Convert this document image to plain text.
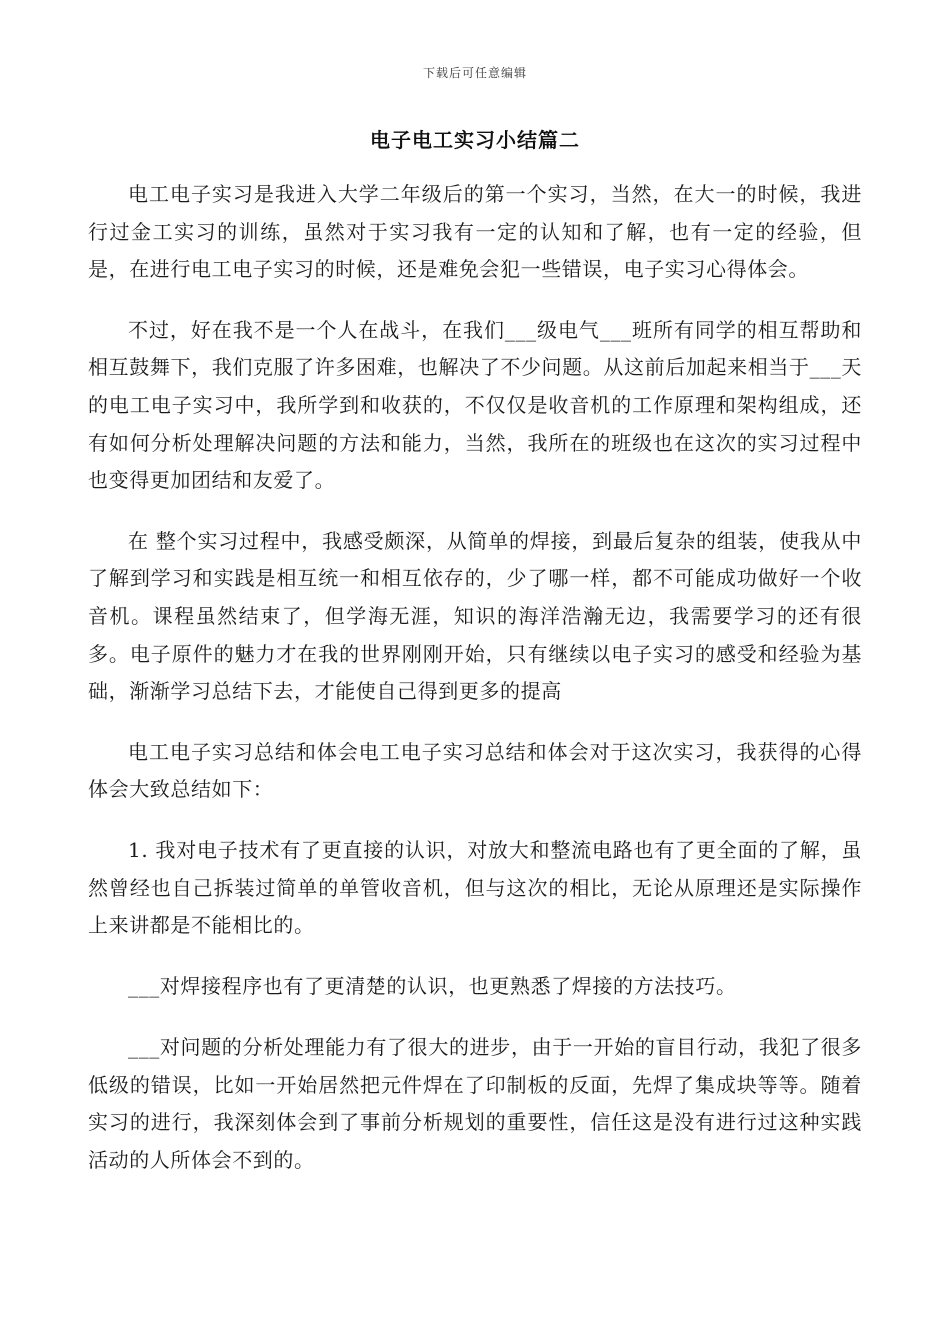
下载后可任意编辑
电子电工实习小结篇二

电工电子实习是我进入大学二年级后的第一个实习，当然，在大一的时候，我进行过金工实习的训练，虽然对于实习我有一定的认知和了解，也有一定的经验，但是，在进行电工电子实习的时候，还是难免会犯一些错误，电子实习心得体会。

不过，好在我不是一个人在战斗，在我们___级电气___班所有同学的相互帮助和相互鼓舞下，我们克服了许多困难，也解决了不少问题。从这前后加起来相当于___天的电工电子实习中，我所学到和收获的，不仅仅是收音机的工作原理和架构组成，还有如何分析处理解决问题的方法和能力，当然，我所在的班级也在这次的实习过程中也变得更加团结和友爱了。

在 整个实习过程中，我感受颇深，从简单的焊接，到最后复杂的组装，使我从中了解到学习和实践是相互统一和相互依存的，少了哪一样，都不可能成功做好一个收音机。课程虽然结束了，但学海无涯，知识的海洋浩瀚无边，我需要学习的还有很多。电子原件的魅力才在我的世界刚刚开始，只有继续以电子实习的感受和经验为基础，渐渐学习总结下去，才能使自己得到更多的提高

电工电子实习总结和体会电工电子实习总结和体会对于这次实习，我获得的心得体会大致总结如下：

1. 我对电子技术有了更直接的认识，对放大和整流电路也有了更全面的了解，虽然曾经也自己拆装过简单的单管收音机，但与这次的相比，无论从原理还是实际操作上来讲都是不能相比的。

___对焊接程序也有了更清楚的认识，也更熟悉了焊接的方法技巧。

___对问题的分析处理能力有了很大的进步，由于一开始的盲目行动，我犯了很多低级的错误，比如一开始居然把元件焊在了印制板的反面，先焊了集成块等等。随着实习的进行，我深刻体会到了事前分析规划的重要性，信任这是没有进行过这种实践活动的人所体会不到的。
